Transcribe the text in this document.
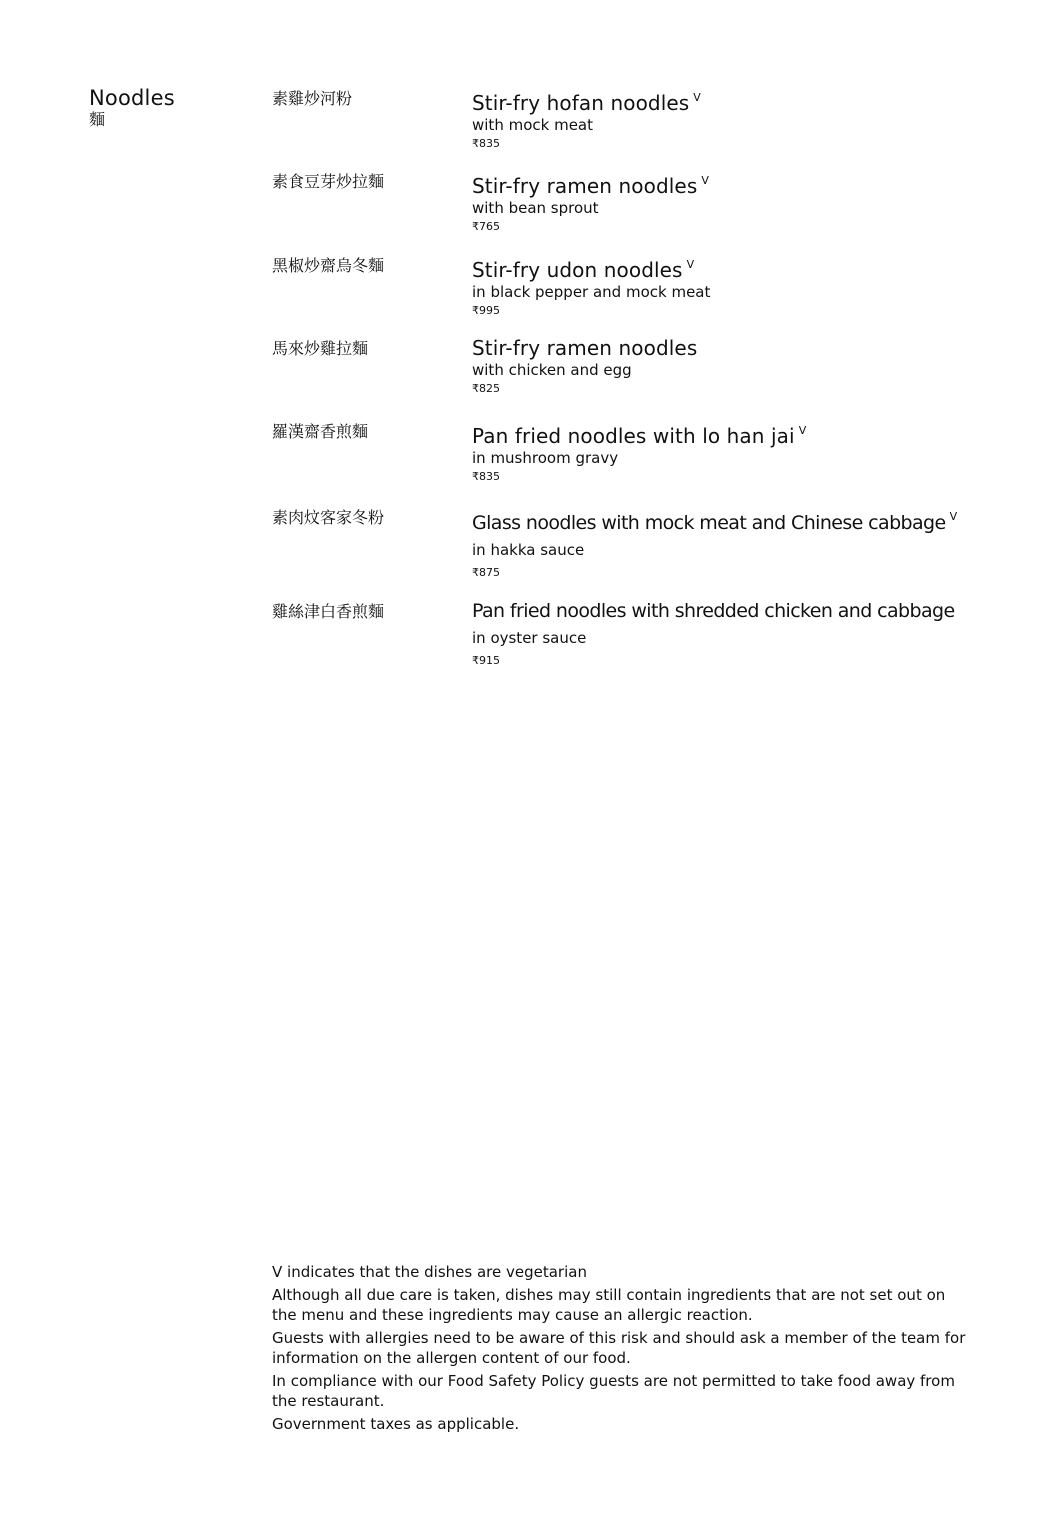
Noodles
麵
素雞炒河粉	Stir-fry hofan noodles $^V$
with mock meat
₹835
素食豆芽炒拉麵	Stir-fry ramen noodles $^V$
with bean sprout
₹765
黑椒炒齋烏冬麵	Stir-fry udon noodles $^V$
in black pepper and mock meat
₹995
馬來炒雞拉麵	Stir-fry ramen noodles
with chicken and egg
₹825
羅漢齋香煎麵	Pan fried noodles with lo han jai $^V$
in mushroom gravy
₹835
素肉炆客家冬粉	Glass noodles with mock meat and Chinese cabbage $^V$
in hakka sauce
₹875
雞絲津白香煎麵	Pan fried noodles with shredded chicken and cabbage
in oyster sauce
₹915

V indicates that the dishes are vegetarian

Although all due care is taken, dishes may still contain ingredients that are not set out on the menu and these ingredients may cause an allergic reaction.

Guests with allergies need to be aware of this risk and should ask a member of the team for information on the allergen content of our food.

In compliance with our Food Safety Policy guests are not permitted to take food away from the restaurant.

Government taxes as applicable.
